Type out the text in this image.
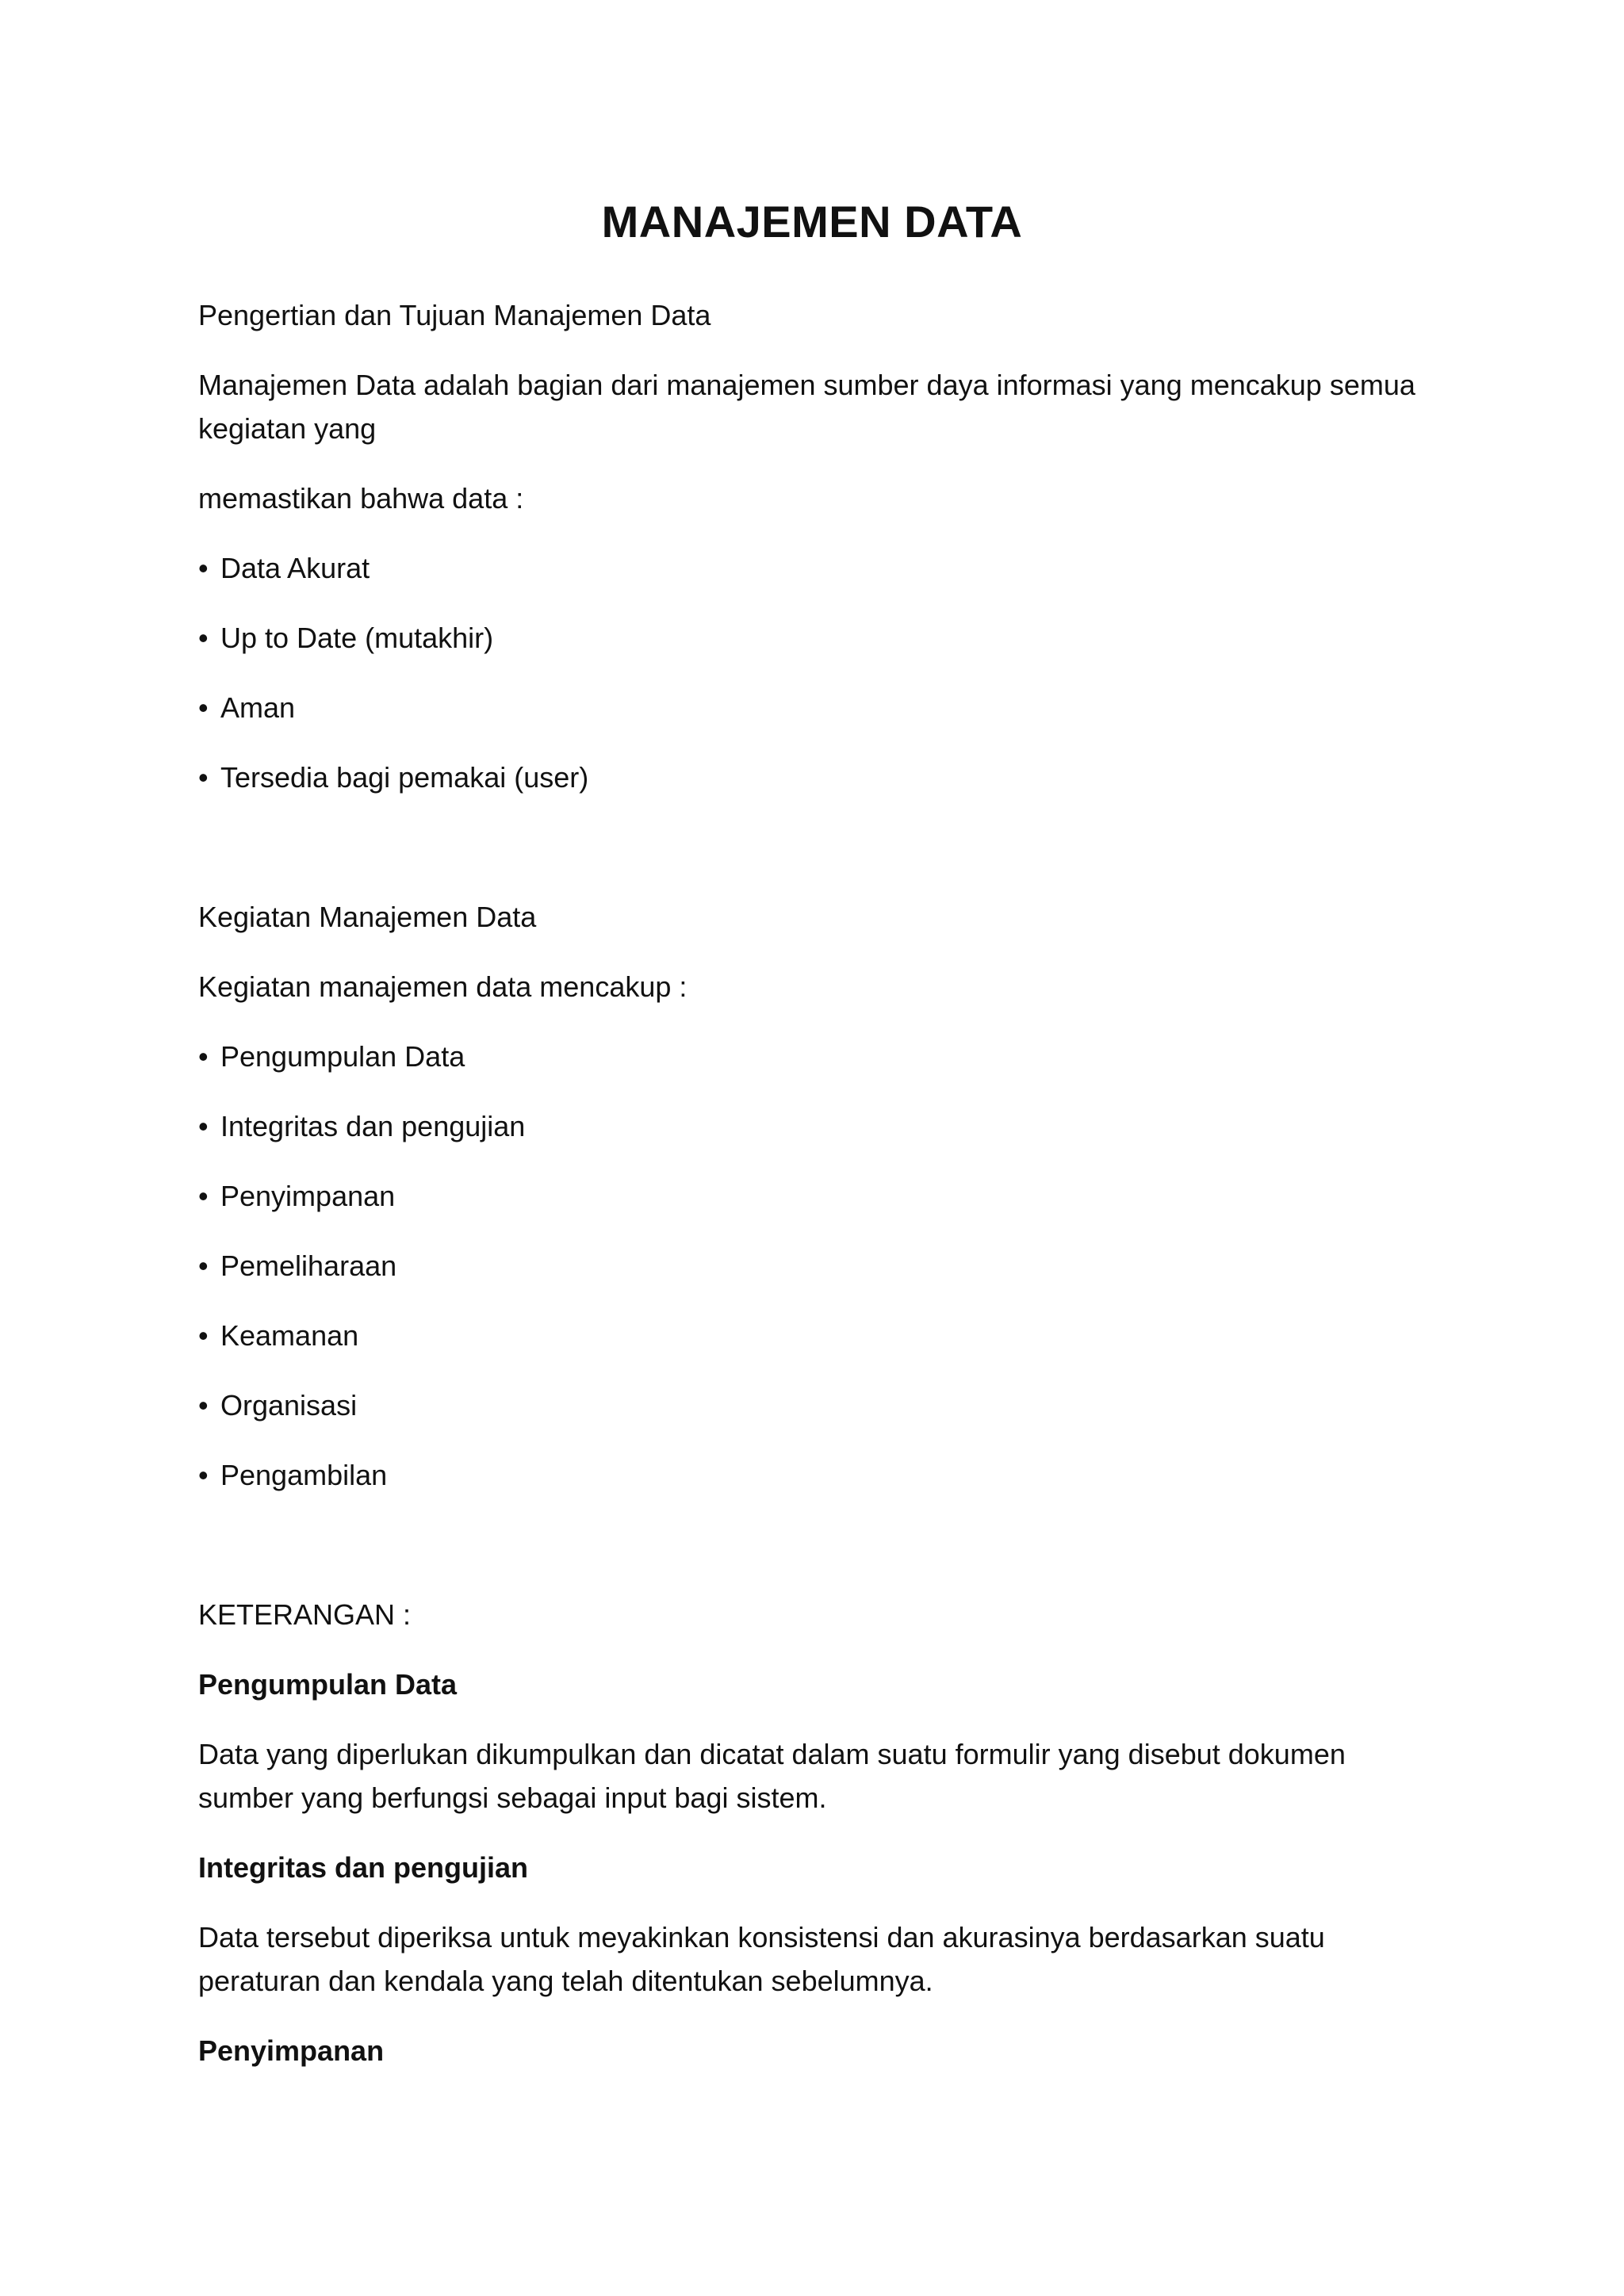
MANAJEMEN DATA

Pengertian dan Tujuan Manajemen Data

Manajemen Data adalah bagian dari manajemen sumber daya informasi yang mencakup semua kegiatan yang

memastikan bahwa data :

• Data Akurat

• Up to Date (mutakhir)

• Aman

• Tersedia bagi pemakai (user)

Kegiatan Manajemen Data

Kegiatan manajemen data mencakup :

• Pengumpulan Data

• Integritas dan pengujian

• Penyimpanan

• Pemeliharaan

• Keamanan

• Organisasi

• Pengambilan

KETERANGAN :

Pengumpulan Data

Data yang diperlukan dikumpulkan dan dicatat dalam suatu formulir yang disebut dokumen sumber yang berfungsi sebagai input bagi sistem.

Integritas dan pengujian

Data tersebut diperiksa untuk meyakinkan konsistensi dan akurasinya berdasarkan suatu peraturan dan kendala yang telah ditentukan sebelumnya.

Penyimpanan
